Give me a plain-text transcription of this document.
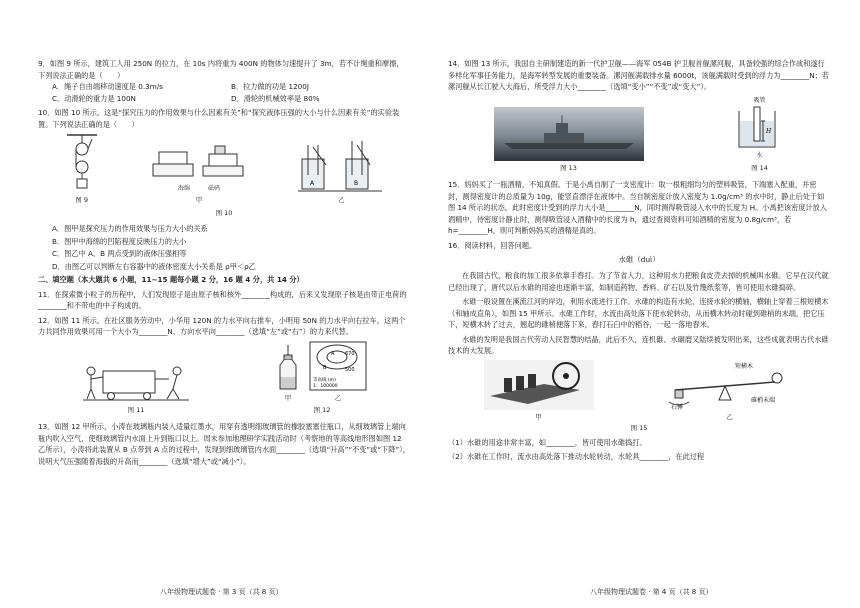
9．如图 9 所示，建筑工人用 250N 的拉力，在 10s 内将重为 400N 的物体匀速提升了 3m，若不计绳重和摩擦，下列说法正确的是（　　）
A．绳子自由端移动速度是 0.3m/s	B．拉力做的功是 1200J
C．动滑轮的重力是 100N	D．滑轮的机械效率是 80%
10．如图 10 所示，这是“探究压力的作用效果与什么因素有关”和“探究液体压强的大小与什么因素有关”的实验装置。下列说法正确的是（　　）
图 9
海绵	砝码
甲
A	B
乙
图 10
A．图甲是探究压力的作用效果与压力大小的关系
B．图甲中海绵的凹陷程度反映压力的大小
C．图乙中 A、B 两点受到的液体压强相等
D．由图乙可以判断左右容器中的液体密度大小关系是 ρ甲＜ρ乙
二、填空题（本大题共 6 小题，11~15 题每小题 2 分，16 题 4 分，共 14 分）
11．在探索微小粒子的历程中，人们发现原子是由原子核和核外________构成的，后来又发现原子核是由带正电荷的________和不带电的中子构成的。
12．如图 11 所示，在社区服务劳动中，小华用 120N 的力水平向右推车，小明用 50N 的力水平向右拉车，这两个力共同作用效果可用一个大小为________N、方向水平向________（选填“左”或“右”）的力来代替。
图 11
甲
670
500
A
B
等高线 (m)
1：100000
乙
图 12
13．如图 12 甲所示，小涛在玻璃瓶内装入适量红墨水，用穿有透明细玻璃管的橡胶塞塞住瓶口，从细玻璃管上端向瓶内吹入空气，使细玻璃管内水面上升到瓶口以上。周末参加地理研学实践活动时（考察地的等高线地形图如图 12 乙所示），小涛将此装置从 B 点带到 A 点的过程中，发现到细玻璃管内水面________（选填“升高”“不变”或“下降”），说明大气压强随着海拔的升高而________（选填“增大”或“减小”）。
八年级物理试题卷 · 第 3 页（共 8 页）
14．如图 13 所示，我国自主研制建造的新一代护卫舰——海军 054B 护卫舰首舰漯河舰，具备较强的综合作战和遂行多样化军事任务能力，是海军转型发展的重要装备。漯河舰满载排水量 6000t，该舰满载时受到的浮力为________N；若漯河舰从长江驶入大海后，所受浮力大小________（选填“变小”“不变”或“变大”）。
图 13
吸管
H
水
图 14
15．妈妈买了一瓶酒精，不知真假。于是小禹自制了一支密度计：取一根粗细均匀的塑料吸管，下端塞入配重，并密封，测得密度计的总质量为 10g，能竖直漂浮在液体中。当自制密度计放入密度为 1.0g/cm³ 的水中时，静止后处于如图 14 所示的状态，此时密度计受到的浮力大小是________N，同时测得吸管浸入水中的长度为 H。小禹把该密度计放入酒精中，待密度计静止时，测得吸管浸入酒精中的长度为 h，通过查阅资料可知酒精的密度为 0.8g/cm³，若 h=________H，则可判断妈妈买的酒精是真的。
16．阅读材料，回答问题。
水碓（duì）
在我国古代，粮食的加工很多依靠手舂打。为了节省人力，这种用水力把粮食皮壳去掉的机械叫水碓。它早在汉代就已经出现了，唐代以后水碓的用途也逐渐丰富，如制造药物、香料、矿石以及竹篾纸浆等，皆可使用水碓捣碎。
水碓一般设置在溪流江河的岸边，利用水流进行工作。水碓的构造有水轮、连接水轮的横轴，横轴上穿着三根短横木（和轴成直角），如图 15 甲所示。水碓工作时，水流由高处落下使水轮转动，从而横木转动时碰到碓梢的末端，把它压下，短横木转了过去，翘起的碓梢便落下来，舂打石臼中的稻谷，一起一落地舂米。
水碓的发明是我国古代劳动人民智慧的结晶，此后不久，连机碓、水碾磨又陆续被发明出来，这些成就表明古代水碓技术的大发展。
甲
短横木
石锤
碓梢末端
乙
图 15
（1）水碓的用途非常丰富，如________，皆可使用水碓捣打。
（2）水碓在工作时，流水由高处落下推动水轮转动，水轮具________，在此过程
八年级物理试题卷 · 第 4 页（共 8 页）
